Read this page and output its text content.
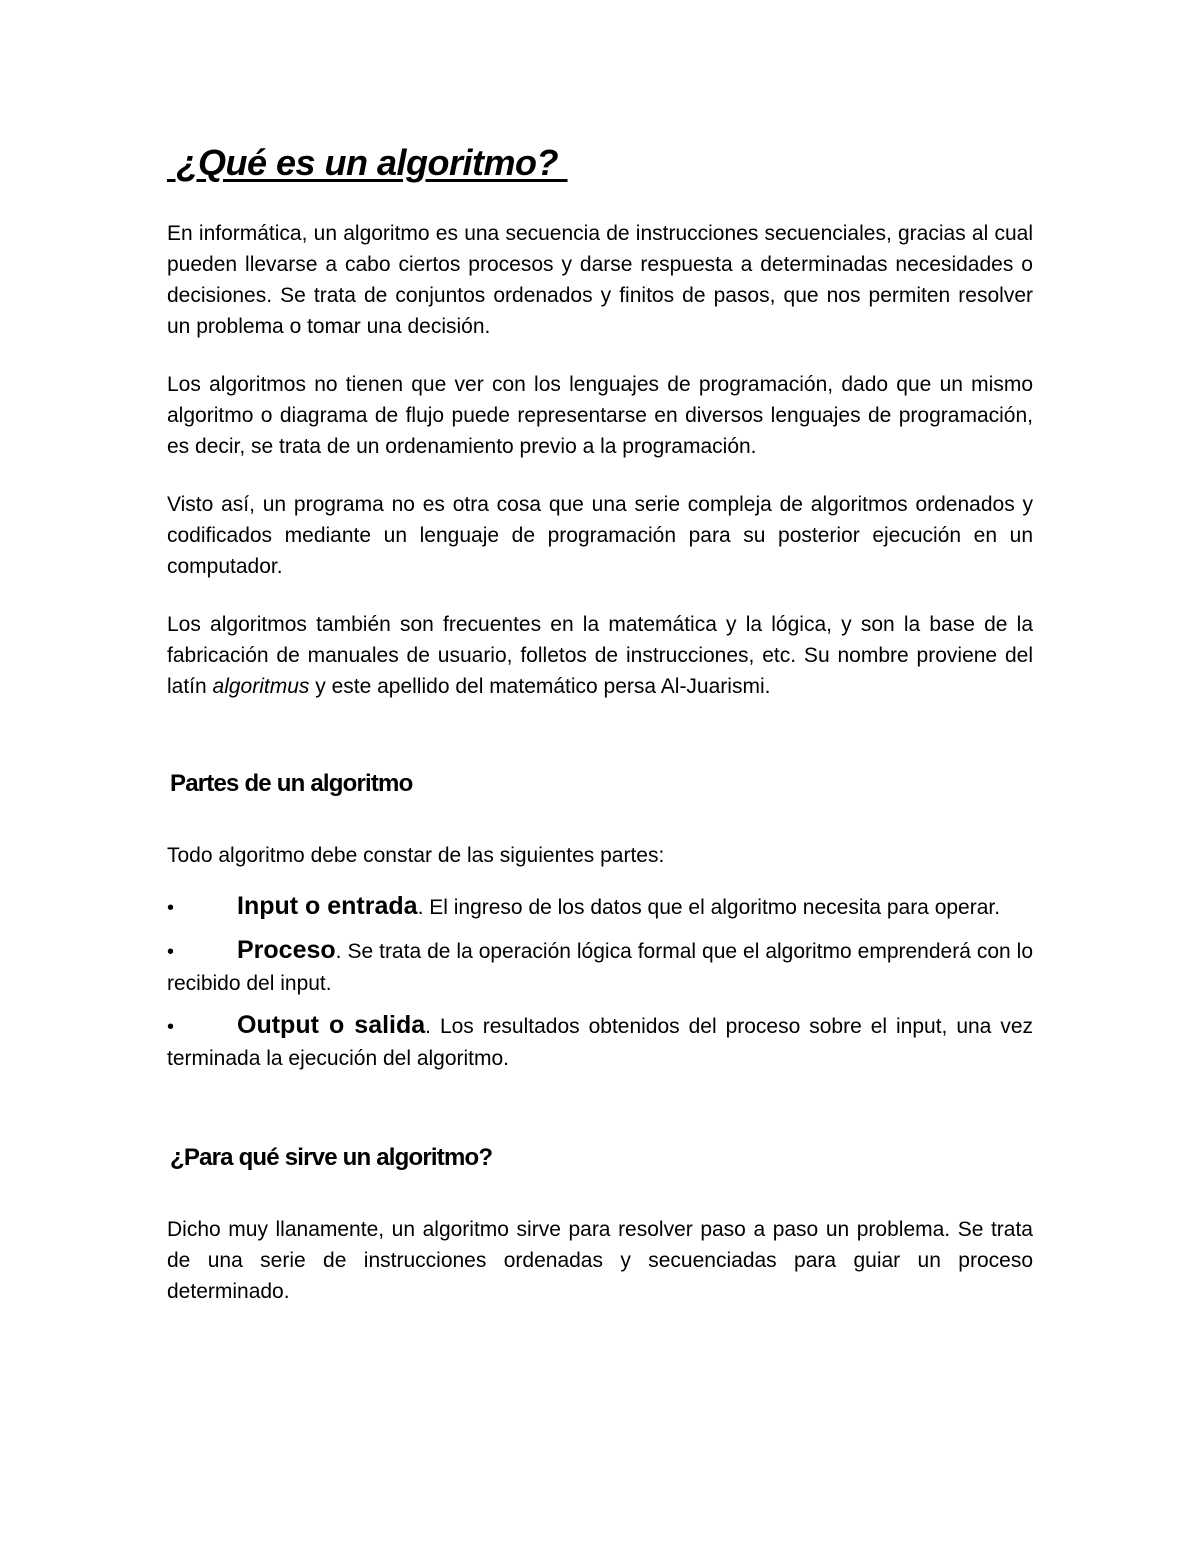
¿Qué es un algoritmo?

En informática, un algoritmo es una secuencia de instrucciones secuenciales, gracias al cual pueden llevarse a cabo ciertos procesos y darse respuesta a determinadas necesidades o decisiones. Se trata de conjuntos ordenados y finitos de pasos, que nos permiten resolver un problema o tomar una decisión.

Los algoritmos no tienen que ver con los lenguajes de programación, dado que un mismo algoritmo o diagrama de flujo puede representarse en diversos lenguajes de programación, es decir, se trata de un ordenamiento previo a la programación.

Visto así, un programa no es otra cosa que una serie compleja de algoritmos ordenados y codificados mediante un lenguaje de programación para su posterior ejecución en un computador.

Los algoritmos también son frecuentes en la matemática y la lógica, y son la base de la fabricación de manuales de usuario, folletos de instrucciones, etc. Su nombre proviene del latín algoritmus y este apellido del matemático persa Al-Juarismi.

Partes de un algoritmo

Todo algoritmo debe constar de las siguientes partes:

•	Input o entrada. El ingreso de los datos que el algoritmo necesita para operar.
•	Proceso. Se trata de la operación lógica formal que el algoritmo emprenderá con lo recibido del input.
•	Output o salida. Los resultados obtenidos del proceso sobre el input, una vez terminada la ejecución del algoritmo.
¿Para qué sirve un algoritmo?

Dicho muy llanamente, un algoritmo sirve para resolver paso a paso un problema. Se trata de una serie de instrucciones ordenadas y secuenciadas para guiar un proceso determinado.
